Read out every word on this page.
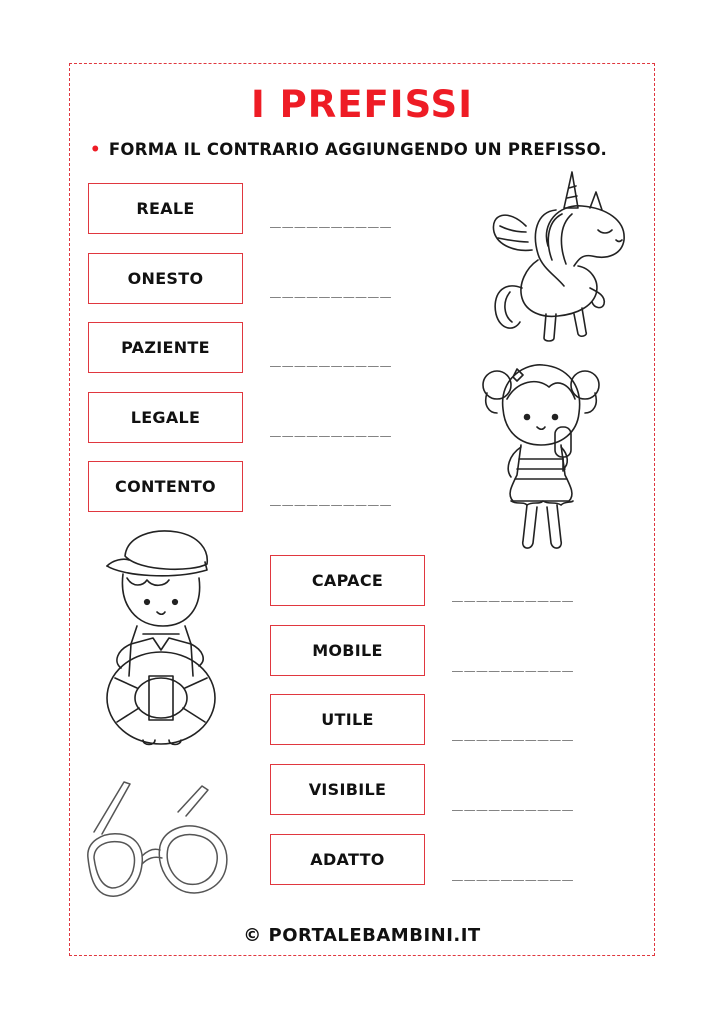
I PREFISSI
• FORMA IL CONTRARIO AGGIUNGENDO UN PREFISSO.
REALE
ONESTO
PAZIENTE
LEGALE
CONTENTO
__________
__________
__________
__________
__________
CAPACE
MOBILE
UTILE
VISIBILE
ADATTO
__________
__________
__________
__________
__________
© PORTALEBAMBINI.IT
